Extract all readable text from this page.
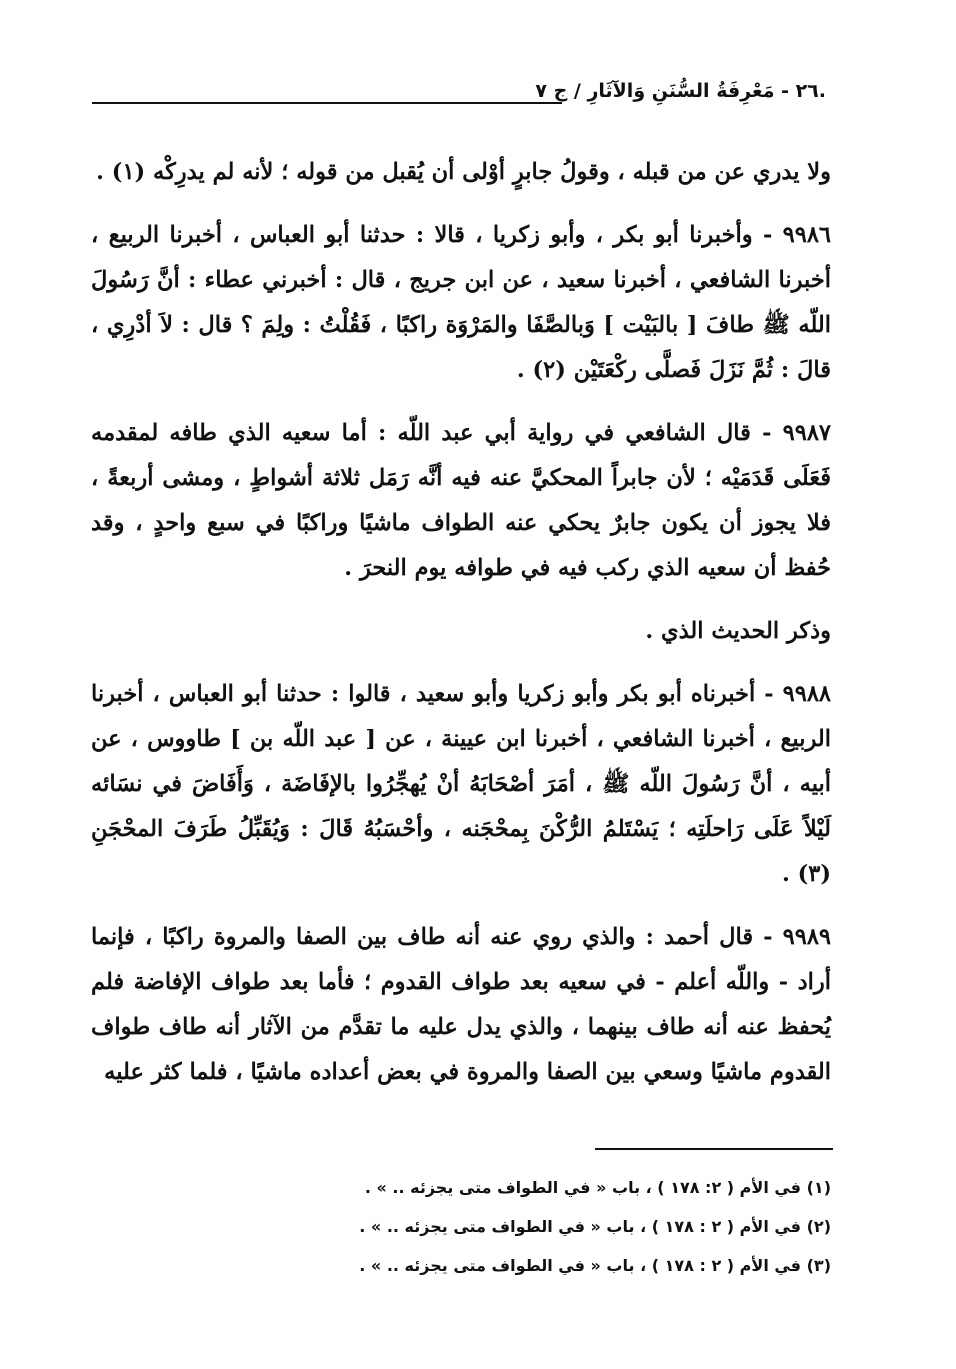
.٢٦ - مَعْرِفَةُ السُّنَنِ وَالآثَارِ / ج ٧

ولا يدري عن من قبله ، وقولُ جابرٍ أوْلى أن يُقبل من قوله ؛ لأنه لم يدرِكْه (١) .

٩٩٨٦ - وأخبرنا أبو بكر ، وأبو زكريا ، قالا : حدثنا أبو العباس ، أخبرنا الربيع ، أخبرنا الشافعي ، أخبرنا سعيد ، عن ابن جريج ، قال : أخبرني عطاء : أنَّ رَسُولَ اللّه ﷺ طافَ [ بالبَيْت ] وَبالصَّفَا والمَرْوَة راكبًا ، فَقُلْتُ : ولِمَ ؟ قال : لاَ أدْرِي ، قالَ : ثُمَّ نَزَلَ فَصلَّى ركْعَتَيْن (٢) .

٩٩٨٧ - قال الشافعي في رواية أبي عبد اللّه : أما سعيه الذي طافه لمقدمه فَعَلَى قَدَمَيْه ؛ لأن جابراً المحكيَّ عنه فيه أنَّه رَمَل ثلاثة أشواطٍ ، ومشى أربعةً ، فلا يجوز أن يكون جابرٌ يحكي عنه الطواف ماشيًا وراكبًا في سبع واحدٍ ، وقد حُفظ أن سعيه الذي ركب فيه في طوافه يوم النحرَ .

وذكر الحديث الذي .

٩٩٨٨ - أخبرناه أبو بكر وأبو زكريا وأبو سعيد ، قالوا : حدثنا أبو العباس ، أخبرنا الربيع ، أخبرنا الشافعي ، أخبرنا ابن عيينة ، عن [ عبد اللّه بن ] طاووس ، عن أبيه ، أنَّ رَسُولَ اللّه ﷺ ، أمَرَ أصْحَابَهُ أنْ يُهجِّرُوا بالإفَاضَة ، وَأَفَاضَ في نسَائه لَيْلاً عَلَى رَاحلَتِه ؛ يَسْتَلمُ الرُّكْنَ بِمحْجَنه ، وأحْسَبُهُ قَالَ : وَيُقَبِّلُ طَرَفَ المحْجَنِ (٣) .

٩٩٨٩ - قال أحمد : والذي روي عنه أنه طاف بين الصفا والمروة راكبًا ، فإنما أراد - واللّه أعلم - في سعيه بعد طواف القدوم ؛ فأما بعد طواف الإفاضة فلم يُحفظ عنه أنه طاف بينهما ، والذي يدل عليه ما تقدَّم من الآثار أنه طاف طواف القدوم ماشيًا وسعي بين الصفا والمروة في بعض أعداده ماشيًا ، فلما كثر عليه

(١) في الأم ( ٢: ١٧٨ ) ، باب « في الطواف متى يجزئه .. » .
(٢) في الأم ( ٢ : ١٧٨ ) ، باب « في الطواف متى يجزئه .. » .
(٣) في الأم ( ٢ : ١٧٨ ) ، باب « في الطواف متى يجزئه .. » .
